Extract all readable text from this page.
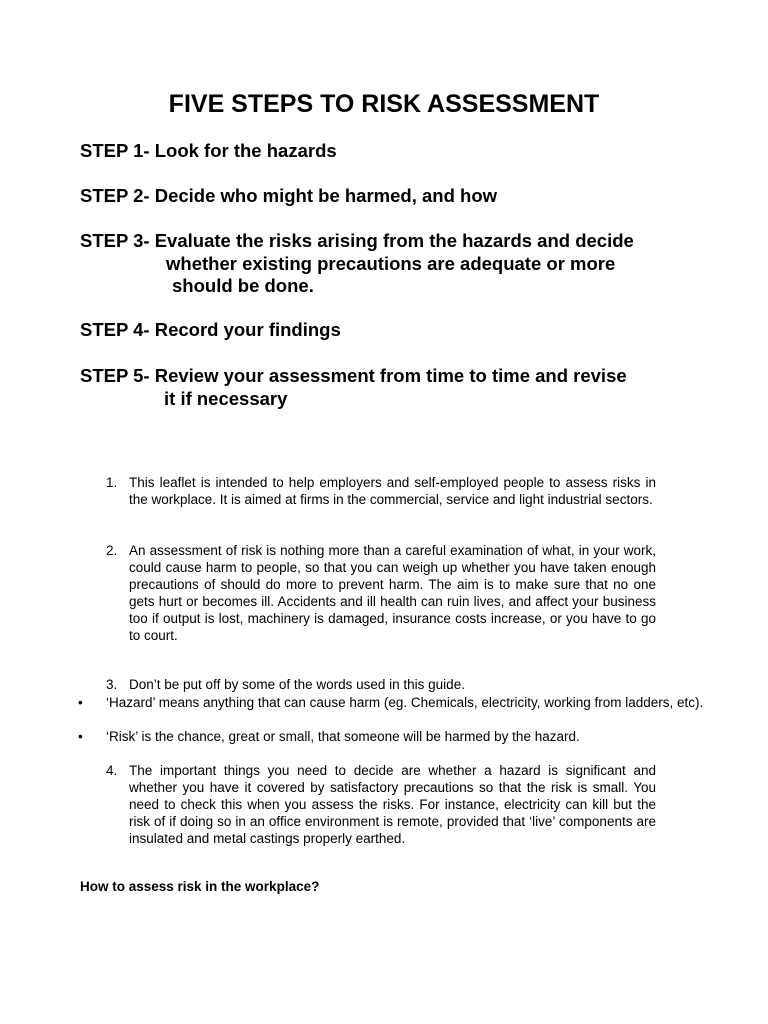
FIVE STEPS TO RISK ASSESSMENT
STEP 1- Look for the hazards
STEP 2- Decide who might be harmed, and how
STEP 3- Evaluate the risks arising from the hazards and decide
whether existing precautions are adequate or more
should be done.
STEP 4- Record your findings
STEP 5- Review your assessment from time to time and revise
it if necessary
1. This leaflet is intended to help employers and self-employed people to assess risks in the workplace. It is aimed at firms in the commercial, service and light industrial sectors.
2. An assessment of risk is nothing more than a careful examination of what, in your work, could cause harm to people, so that you can weigh up whether you have taken enough precautions of should do more to prevent harm. The aim is to make sure that no one gets hurt or becomes ill. Accidents and ill health can ruin lives, and affect your business too if output is lost, machinery is damaged, insurance costs increase, or you have to go to court.
3. Don’t be put off by some of the words used in this guide.
•	‘Hazard’ means anything that can cause harm (eg. Chemicals, electricity, working from ladders, etc).
•	‘Risk’ is the chance, great or small, that someone will be harmed by the hazard.
4. The important things you need to decide are whether a hazard is significant and whether you have it covered by satisfactory precautions so that the risk is small. You need to check this when you assess the risks. For instance, electricity can kill but the risk of if doing so in an office environment is remote, provided that ‘live’ components are insulated and metal castings properly earthed.
How to assess risk in the workplace?
